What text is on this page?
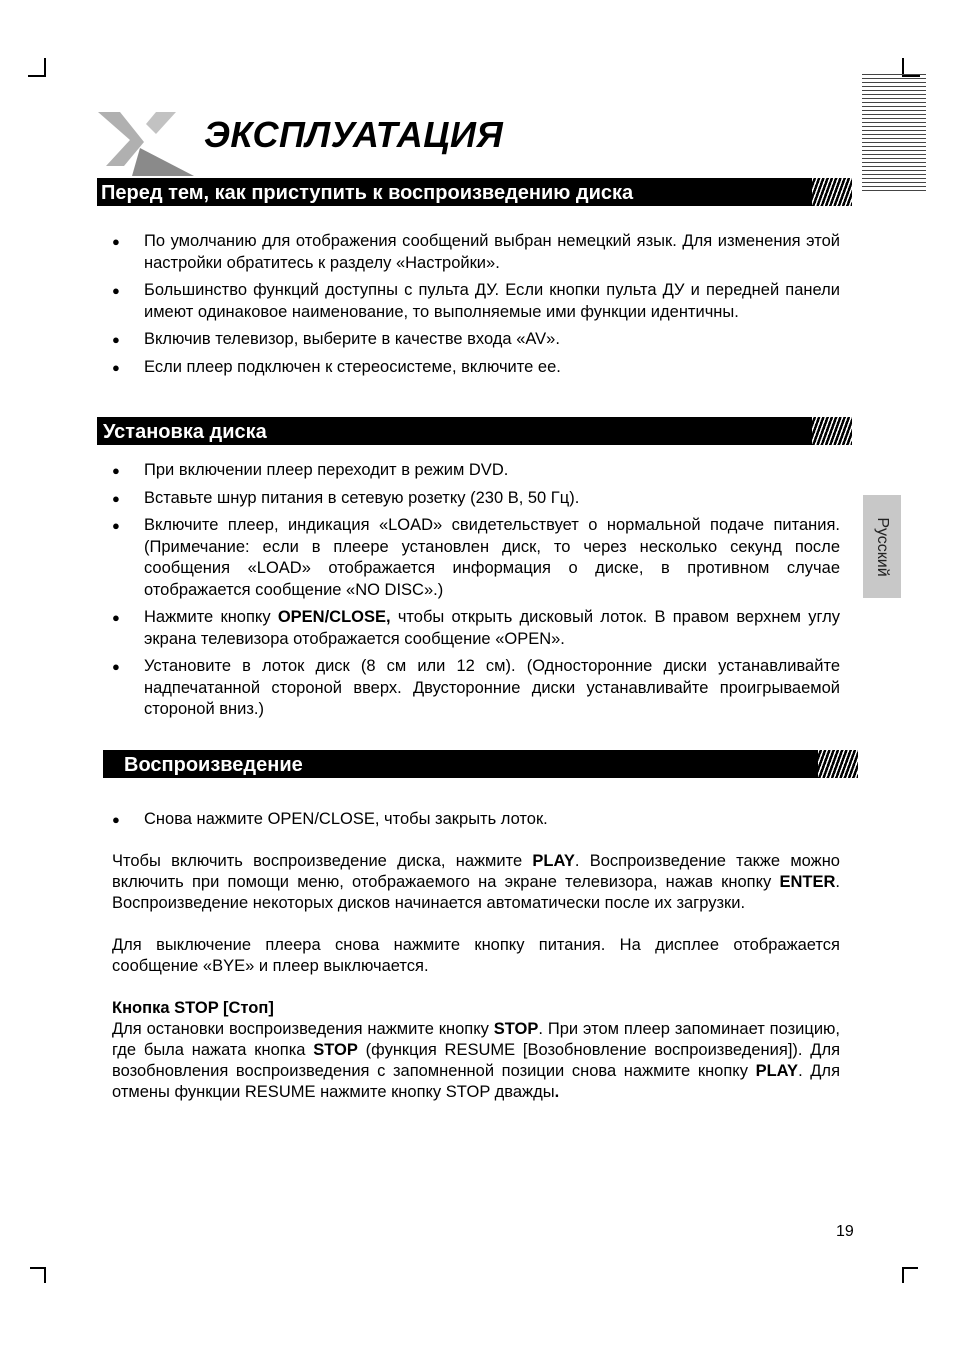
ЭКСПЛУАТАЦИЯ
Перед тем, как приступить к воспроизведению диска
● По умолчанию для отображения сообщений выбран немецкий язык. Для изменения этой настройки обратитесь к разделу «Настройки».
● Большинство функций доступны с пульта ДУ. Если кнопки пульта ДУ и передней панели имеют одинаковое наименование, то выполняемые ими функции идентичны.
● Включив телевизор, выберите в качестве входа «AV».
● Если плеер подключен к стереосистеме, включите ее.
Установка диска
● При включении плеер переходит в режим DVD.
● Вставьте шнур питания в сетевую розетку (230 В, 50 Гц).
● Включите плеер, индикация «LOAD» свидетельствует о нормальной подаче питания. (Примечание: если в плеере установлен диск, то через несколько секунд после сообщения «LOAD» отображается информация о диске, в противном случае отображается сообщение «NO DISC».)
● Нажмите кнопку OPEN/CLOSE, чтобы открыть дисковый лоток. В правом верхнем углу экрана телевизора отображается сообщение «OPEN».
● Установите в лоток диск (8 см или 12 см). (Односторонние диски устанавливайте надпечатанной стороной вверх. Двусторонние диски устанавливайте проигрываемой стороной вниз.)
Воспроизведение
● Снова нажмите OPEN/CLOSE, чтобы закрыть лоток.

Чтобы включить воспроизведение диска, нажмите PLAY. Воспроизведение также можно включить при помощи меню, отображаемого на экране телевизора, нажав кнопку ENTER. Воспроизведение некоторых дисков начинается автоматически после их загрузки.

Для выключение плеера снова нажмите кнопку питания. На дисплее отображается сообщение «BYE» и плеер выключается.

Кнопка STOP [Стоп]

Для остановки воспроизведения нажмите кнопку STOP. При этом плеер запоминает позицию, где была нажата кнопка STOP (функция RESUME [Возобновление воспроизведения]). Для возобновления воспроизведения с запомненной позиции снова нажмите кнопку PLAY. Для отмены функции RESUME нажмите кнопку STOP дважды.

Русский
19
